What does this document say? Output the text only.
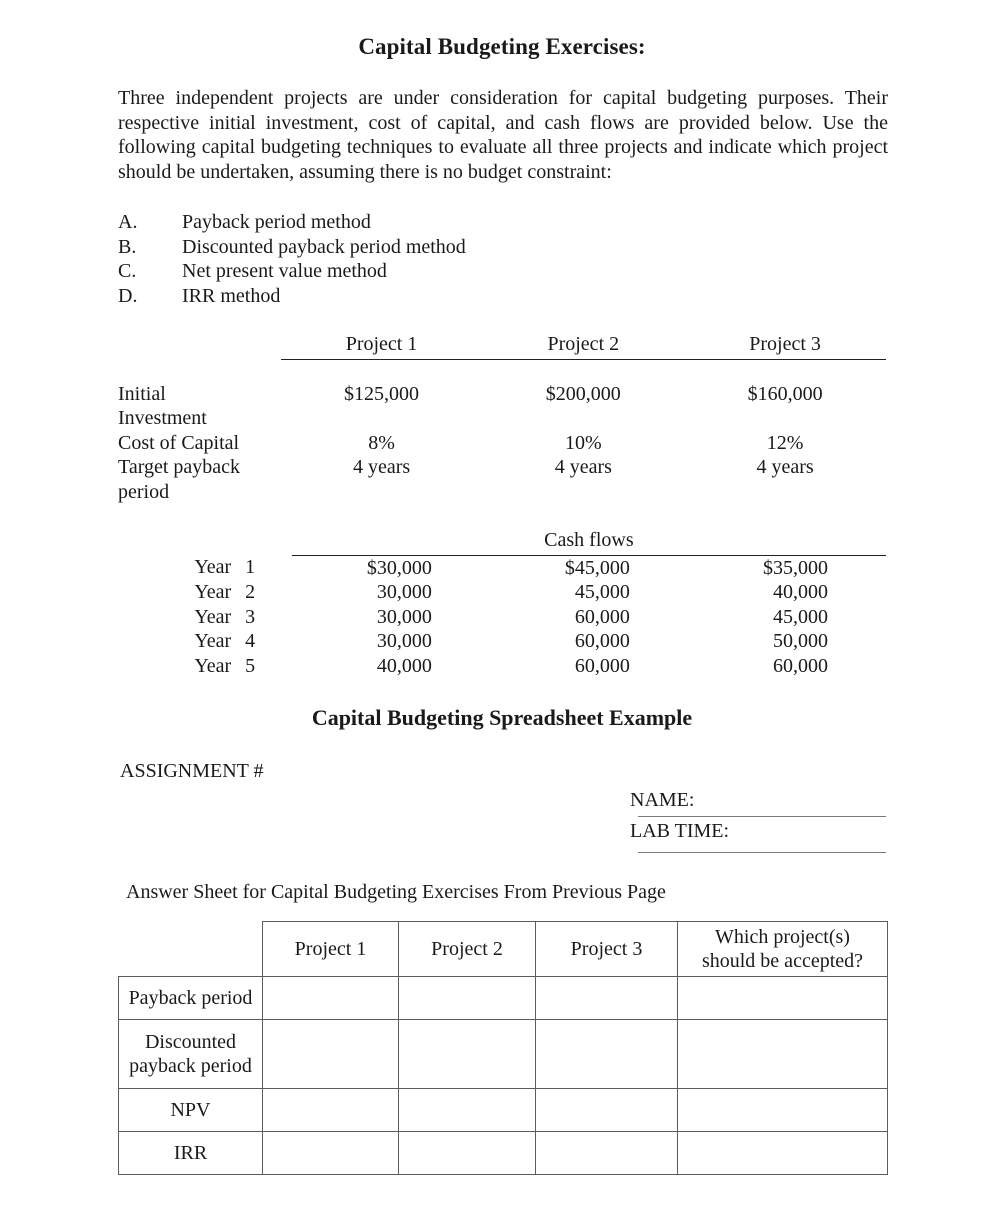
Capital Budgeting Exercises:
Three independent projects are under consideration for capital budgeting purposes. Their respective initial investment, cost of capital, and cash flows are provided below. Use the following capital budgeting techniques to evaluate all three projects and indicate which project should be undertaken, assuming there is no budget constraint:
A.	Payback period method
B.	Discounted payback period method
C.	Net present value method
D.	IRR method
	Project 1	Project 2	Project 3

Initial
Investment	$125,000	$200,000	$160,000
Cost of Capital	8%	10%	12%

Target payback
period	4 years	4 years	4 years
		Cash flows		
Year	1	$30,000	$45,000	$35,000
Year	2	30,000	45,000	40,000
Year	3	30,000	60,000	45,000
Year	4	30,000	60,000	50,000
Year	5	40,000	60,000	60,000
Capital Budgeting Spreadsheet Example
ASSIGNMENT #
NAME:
LAB TIME:
Answer Sheet for Capital Budgeting Exercises From Previous Page
	Project 1	Project 2	Project 3	Which project(s)
should be accepted?

Payback period				

Discounted
payback period				

NPV				
IRR				
